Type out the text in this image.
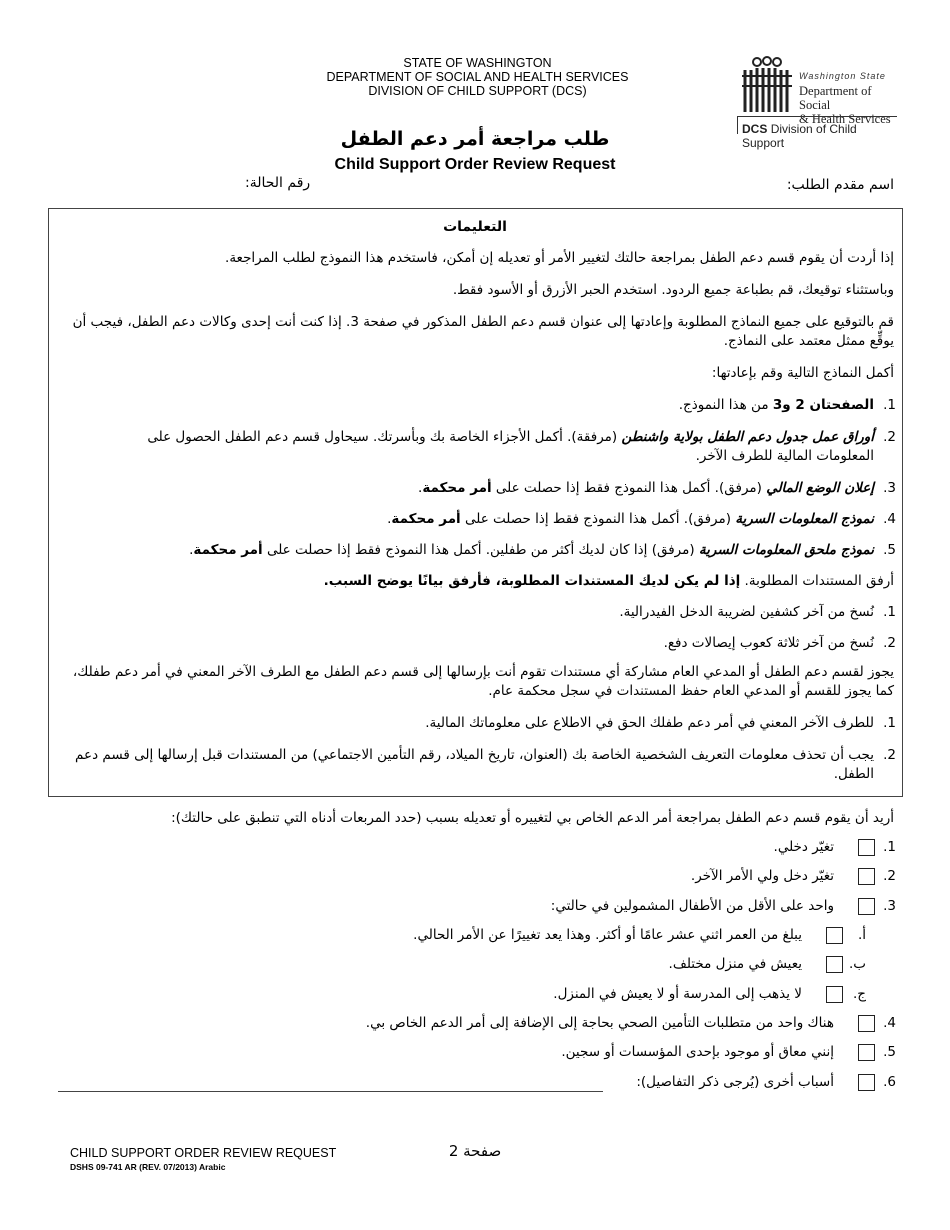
STATE OF WASHINGTON
DEPARTMENT OF SOCIAL AND HEALTH SERVICES
DIVISION OF CHILD SUPPORT (DCS)
Washington State
Department of Social
& Health Services
DCS Division of Child Support
طلب مراجعة أمر دعم الطفل
Child Support Order Review Request
اسم مقدم الطلب:
رقم الحالة:
التعليمات
إذا أردت أن يقوم قسم دعم الطفل بمراجعة حالتك لتغيير الأمر أو تعديله إن أمكن، فاستخدم هذا النموذج لطلب المراجعة.
وباستثناء توقيعك، قم بطباعة جميع الردود. استخدم الحبر الأزرق أو الأسود فقط.
قم بالتوقيع على جميع النماذج المطلوبة وإعادتها إلى عنوان قسم دعم الطفل المذكور في صفحة 3. إذا كنت أنت إحدى وكالات دعم الطفل، فيجب أن يوقِّع ممثل معتمد على النماذج.
أكمل النماذج التالية وقم بإعادتها:
1.
الصفحتان 2 و3 من هذا النموذج.
2.
أوراق عمل جدول دعم الطفل بولاية واشنطن (مرفقة). أكمل الأجزاء الخاصة بك وبأسرتك. سيحاول قسم دعم الطفل الحصول على المعلومات المالية للطرف الآخر.
3.
إعلان الوضع المالي (مرفق). أكمل هذا النموذج فقط إذا حصلت على أمر محكمة.
4.
نموذج المعلومات السرية (مرفق). أكمل هذا النموذج فقط إذا حصلت على أمر محكمة.
5.
نموذج ملحق المعلومات السرية (مرفق) إذا كان لديك أكثر من طفلين. أكمل هذا النموذج فقط إذا حصلت على أمر محكمة.
أرفق المستندات المطلوبة. إذا لم يكن لديك المستندات المطلوبة، فأرفق بيانًا يوضح السبب.
1.
نُسخ من آخر كشفين لضريبة الدخل الفيدرالية.
2.
نُسخ من آخر ثلاثة كعوب إيصالات دفع.
يجوز لقسم دعم الطفل أو المدعي العام مشاركة أي مستندات تقوم أنت بإرسالها إلى قسم دعم الطفل مع الطرف الآخر المعني في أمر دعم طفلك، كما يجوز للقسم أو المدعي العام حفظ المستندات في سجل محكمة عام.
1.
للطرف الآخر المعني في أمر دعم طفلك الحق في الاطلاع على معلوماتك المالية.
2.
يجب أن تحذف معلومات التعريف الشخصية الخاصة بك (العنوان، تاريخ الميلاد، رقم التأمين الاجتماعي) من المستندات قبل إرسالها إلى قسم دعم الطفل.
أريد أن يقوم قسم دعم الطفل بمراجعة أمر الدعم الخاص بي لتغييره أو تعديله بسبب (حدد المربعات أدناه التي تنطبق على حالتك):
1.
تغيّر دخلي.
2.
تغيّر دخل ولي الأمر الآخر.
3.
واحد على الأقل من الأطفال المشمولين في حالتي:
أ.
يبلغ من العمر اثني عشر عامًا أو أكثر. وهذا يعد تغييرًا عن الأمر الحالي.
ب.
يعيش في منزل مختلف.
ج.
لا يذهب إلى المدرسة أو لا يعيش في المنزل.
4.
هناك واحد من متطلبات التأمين الصحي بحاجة إلى الإضافة إلى أمر الدعم الخاص بي.
5.
إنني معاق أو موجود بإحدى المؤسسات أو سجين.
6.
أسباب أخرى (يُرجى ذكر التفاصيل):
CHILD SUPPORT ORDER REVIEW REQUEST
DSHS 09-741 AR (REV. 07/2013) Arabic
صفحة 2
